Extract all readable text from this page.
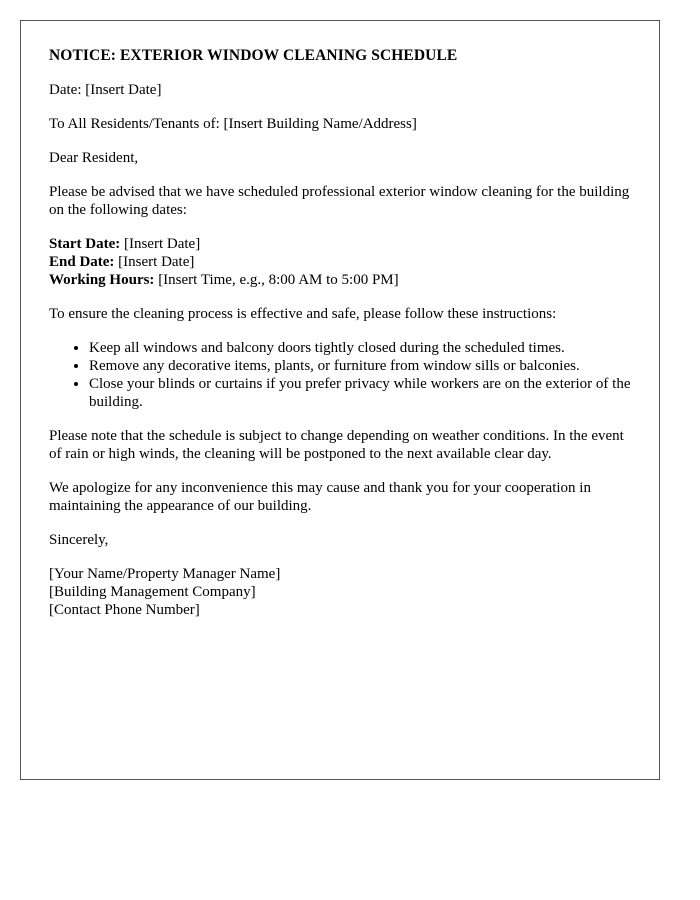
NOTICE: EXTERIOR WINDOW CLEANING SCHEDULE

Date: [Insert Date]

To All Residents/Tenants of: [Insert Building Name/Address]

Dear Resident,

Please be advised that we have scheduled professional exterior window cleaning for the building on the following dates:

Start Date: [Insert Date]
End Date: [Insert Date]
Working Hours: [Insert Time, e.g., 8:00 AM to 5:00 PM]

To ensure the cleaning process is effective and safe, please follow these instructions:

• Keep all windows and balcony doors tightly closed during the scheduled times.
• Remove any decorative items, plants, or furniture from window sills or balconies.
• Close your blinds or curtains if you prefer privacy while workers are on the exterior of the building.

Please note that the schedule is subject to change depending on weather conditions. In the event of rain or high winds, the cleaning will be postponed to the next available clear day.

We apologize for any inconvenience this may cause and thank you for your cooperation in maintaining the appearance of our building.

Sincerely,

[Your Name/Property Manager Name]
[Building Management Company]
[Contact Phone Number]
